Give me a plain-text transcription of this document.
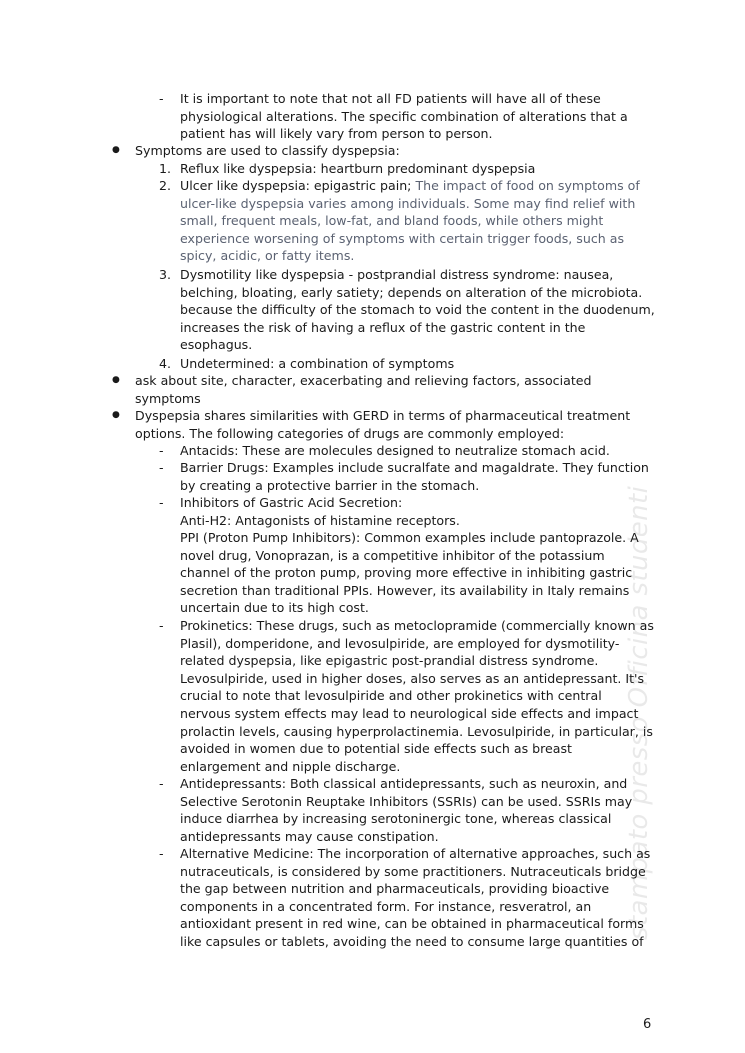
- It is important to note that not all FD patients will have all of these physiological alterations. The specific combination of alterations that a patient has will likely vary from person to person.

● Symptoms are used to classify dyspepsia:

1. Reflux like dyspepsia: heartburn predominant dyspepsia

2. Ulcer like dyspepsia: epigastric pain; The impact of food on symptoms of ulcer-like dyspepsia varies among individuals. Some may find relief with small, frequent meals, low-fat, and bland foods, while others might experience worsening of symptoms with certain trigger foods, such as spicy, acidic, or fatty items.

3. Dysmotility like dyspepsia - postprandial distress syndrome: nausea, belching, bloating, early satiety; depends on alteration of the microbiota. because the difficulty of the stomach to void the content in the duodenum, increases the risk of having a reflux of the gastric content in the esophagus.

4. Undetermined: a combination of symptoms

● ask about site, character, exacerbating and relieving factors, associated symptoms

● Dyspepsia shares similarities with GERD in terms of pharmaceutical treatment options. The following categories of drugs are commonly employed:

- Antacids: These are molecules designed to neutralize stomach acid.

- Barrier Drugs: Examples include sucralfate and magaldrate. They function by creating a protective barrier in the stomach.

- Inhibitors of Gastric Acid Secretion:

Anti-H2: Antagonists of histamine receptors.

PPI (Proton Pump Inhibitors): Common examples include pantoprazole. A novel drug, Vonoprazan, is a competitive inhibitor of the potassium channel of the proton pump, proving more effective in inhibiting gastric secretion than traditional PPIs. However, its availability in Italy remains uncertain due to its high cost.

- Prokinetics: These drugs, such as metoclopramide (commercially known as Plasil), domperidone, and levosulpiride, are employed for dysmotility-related dyspepsia, like epigastric post-prandial distress syndrome. Levosulpiride, used in higher doses, also serves as an antidepressant. It's crucial to note that levosulpiride and other prokinetics with central nervous system effects may lead to neurological side effects and impact prolactin levels, causing hyperprolactinemia. Levosulpiride, in particular, is avoided in women due to potential side effects such as breast enlargement and nipple discharge.

- Antidepressants: Both classical antidepressants, such as neuroxin, and Selective Serotonin Reuptake Inhibitors (SSRIs) can be used. SSRIs may induce diarrhea by increasing serotoninergic tone, whereas classical antidepressants may cause constipation.

- Alternative Medicine: The incorporation of alternative approaches, such as nutraceuticals, is considered by some practitioners. Nutraceuticals bridge the gap between nutrition and pharmaceuticals, providing bioactive components in a concentrated form. For instance, resveratrol, an antioxidant present in red wine, can be obtained in pharmaceutical forms like capsules or tablets, avoiding the need to consume large quantities of

stampato presso Officina studenti
6
